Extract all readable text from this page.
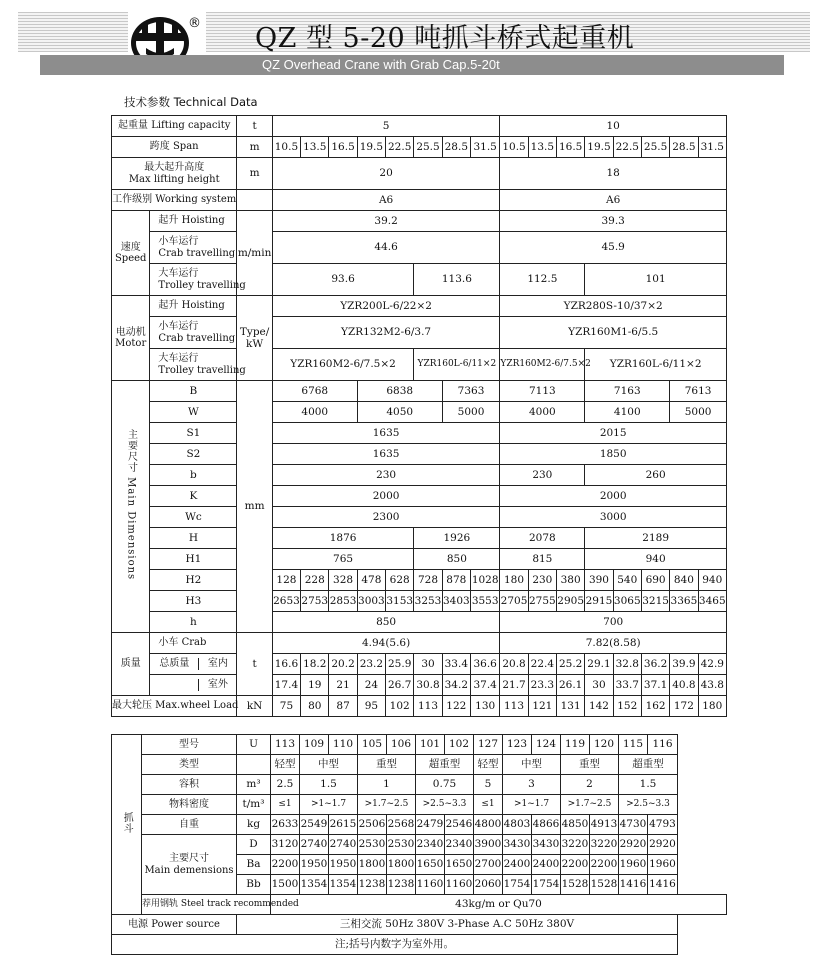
® QZ 型 5-20 吨抓斗桥式起重机
QZ Overhead Crane with Grab Cap.5-20t
技术参数 Technical Data
起重量 Lifting capacity		t	5								10							
跨度 Span		m	10.5	13.5	16.5	19.5	22.5	25.5	28.5	31.5	10.5	13.5	16.5	19.5	22.5	25.5	28.5	31.5
最大起升高度
Max lifting height		m	20								18							
工作级别 Working system			A6								A6							
速度 Speed	起升 Hoisting	m/min	39.2								39.3							
	小车运行
Crab travelling		44.6								45.9							
	大车运行
Trolley travelling		93.6					113.6			112.5			101				
电动机 Motor	起升 Hoisting	Type/ kW	YZR200L-6/22×2								YZR280S-10/37×2							
	小车运行
Crab travelling		YZR132M2-6/3.7								YZR160M1-6/5.5							
	大车运行
Trolley travelling		YZR160M2-6/7.5×2					YZR160L-6/11×2			YZR160M2-6/7.5×2			YZR160L-6/11×2				
主要尺寸 Main Dimensions	B	mm	6768			6838			7363		7113			7163			7613	
	W		4000			4050			5000		4000			4100			5000	
	S1		1635								2015							
	S2		1635								1850							
	b		230								230			260				
	K		2000								2000							
	Wc		2300								3000							
	H		1876					1926			2078			2189				
	H1		765					850			815			940				
	H2		128	228	328	478	628	728	878	1028	180	230	380	390	540	690	840	940
	H3		2653	2753	2853	3003	3153	3253	3403	3553	2705	2755	2905	2915	3065	3215	3365	3465
	h		850								700							
质量	小车 Crab	t	4.94(5.6)								7.82(8.58)							

总质量 室内		16.6	18.2	20.2	23.2	25.9	30	33.4	36.6	20.8	22.4	25.2	29.1	32.8	36.2	39.9	42.9

室外		17.4	19	21	24	26.7	30.8	34.2	37.4	21.7	23.3	26.1	30	33.7	37.1	40.8	43.8
最大轮压 Max.wheel Load		kN	75	80	87	95	102	113	122	130	113	121	131	142	152	162	172	180
抓斗	型号	U	113	109	110	105	106	101	102	127	123	124	119	120	115	116
	类型		轻型	中型		重型		超重型		轻型	中型		重型		超重型	
	容积	m³	2.5	1.5		1		0.75		5	3		2		1.5	
	物料密度	t/m³	≤1	>1~1.7		>1.7~2.5		>2.5~3.3		≤1	>1~1.7		>1.7~2.5		>2.5~3.3	
	自重	kg	2633	2549	2615	2506	2568	2479	2546	4800	4803	4866	4850	4913	4730	4793
	主要尺寸
Main demensions	D	3120	2740	2740	2530	2530	2340	2340	3900	3430	3430	3220	3220	2920	2920
		Ba	2200	1950	1950	1800	1800	1650	1650	2700	2400	2400	2200	2200	1960	1960
		Bb	1500	1354	1354	1238	1238	1160	1160	2060	1754	1754	1528	1528	1416	1416
	荐用钢轨 Steel track recommended		43kg/m or Qu70													
电源 Power source		三相交流 50Hz 380V 3-Phase A.C 50Hz 380V														
注;括号内数字为室外用。																
